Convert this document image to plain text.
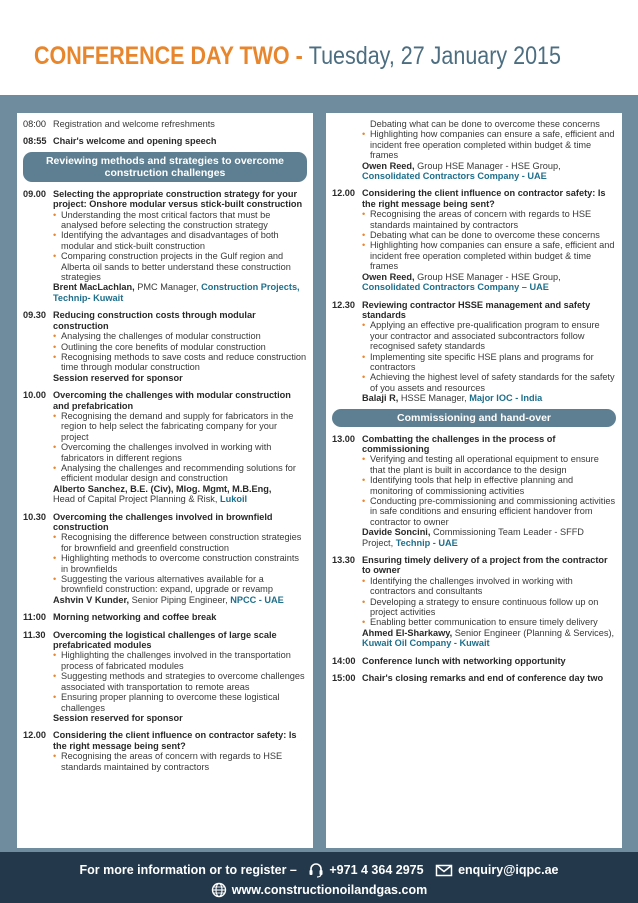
CONFERENCE DAY TWO - Tuesday, 27 January 2015
08:00 Registration and welcome refreshments
08:55 Chair's welcome and opening speech
Reviewing methods and strategies to overcome construction challenges
09.00 Selecting the appropriate construction strategy for your project: Onshore modular versus stick-built construction
• Understanding the most critical factors that must be analysed before selecting the construction strategy
• Identifying the advantages and disadvantages of both modular and stick-built construction
• Comparing construction projects in the Gulf region and Alberta oil sands to better understand these construction strategies
Brent MacLachlan, PMC Manager, Construction Projects, Technip- Kuwait
09.30 Reducing construction costs through modular construction
• Analysing the challenges of modular construction
• Outlining the core benefits of modular construction
• Recognising methods to save costs and reduce construction time through modular construction
Session reserved for sponsor
10.00 Overcoming the challenges with modular construction and prefabrication
• Recognising the demand and supply for fabricators in the region to help select the fabricating company for your project
• Overcoming the challenges involved in working with fabricators in different regions
• Analysing the challenges and recommending solutions for efficient modular design and construction
Alberto Sanchez, B.E. (Civ), Mlog. Mgmt, M.B.Eng,
Head of Capital Project Planning & Risk, Lukoil
10.30 Overcoming the challenges involved in brownfield construction
• Recognising the difference between construction strategies for brownfield and greenfield construction
• Highlighting methods to overcome construction constraints in brownfields
• Suggesting the various alternatives available for a brownfield construction: expand, upgrade or revamp
Ashvin V Kunder, Senior Piping Engineer, NPCC - UAE
11:00 Morning networking and coffee break
11.30 Overcoming the logistical challenges of large scale prefabricated modules
• Highlighting the challenges involved in the transportation process of fabricated modules
• Suggesting methods and strategies to overcome challenges associated with transportation to remote areas
• Ensuring proper planning to overcome these logistical challenges
Session reserved for sponsor
12.00 Considering the client influence on contractor safety: Is the right message being sent?
• Recognising the areas of concern with regards to HSE standards maintained by contractors
Debating what can be done to overcome these concerns
• Highlighting how companies can ensure a safe, efficient and incident free operation completed within budget & time frames
Owen Reed, Group HSE Manager - HSE Group, Consolidated Contractors Company - UAE
12.00 Considering the client influence on contractor safety: Is the right message being sent?
• Recognising the areas of concern with regards to HSE standards maintained by contractors
• Debating what can be done to overcome these concerns
• Highlighting how companies can ensure a safe, efficient and incident free operation completed within budget & time frames
Owen Reed, Group HSE Manager - HSE Group, Consolidated Contractors Company – UAE
12.30 Reviewing contractor HSSE management and safety standards
• Applying an effective pre-qualification program to ensure your contractor and associated subcontractors follow recognised safety standards
• Implementing site specific HSE plans and programs for contractors
• Achieving the highest level of safety standards for the safety of you assets and resources
Balaji R, HSSE Manager, Major IOC - India
Commissioning and hand-over
13.00 Combatting the challenges in the process of commissioning
• Verifying and testing all operational equipment to ensure that the plant is built in accordance to the design
• Identifying tools that help in effective planning and monitoring of commissioning activities
• Conducting pre-commissioning and commissioning activities in safe conditions and ensuring efficient handover from contractor to owner
Davide Soncini, Commissioning Team Leader - SFFD Project, Technip - UAE
13.30 Ensuring timely delivery of a project from the contractor to owner
• Identifying the challenges involved in working with contractors and consultants
• Developing a strategy to ensure continuous follow up on project activities
• Enabling better communication to ensure timely delivery
Ahmed El-Sharkawy, Senior Engineer (Planning & Services), Kuwait Oil Company - Kuwait
14:00 Conference lunch with networking opportunity
15:00 Chair's closing remarks and end of conference day two
For more information or to register – +971 4 364 2975	enquiry@iqpc.ae
www.constructionoilandgas.com
